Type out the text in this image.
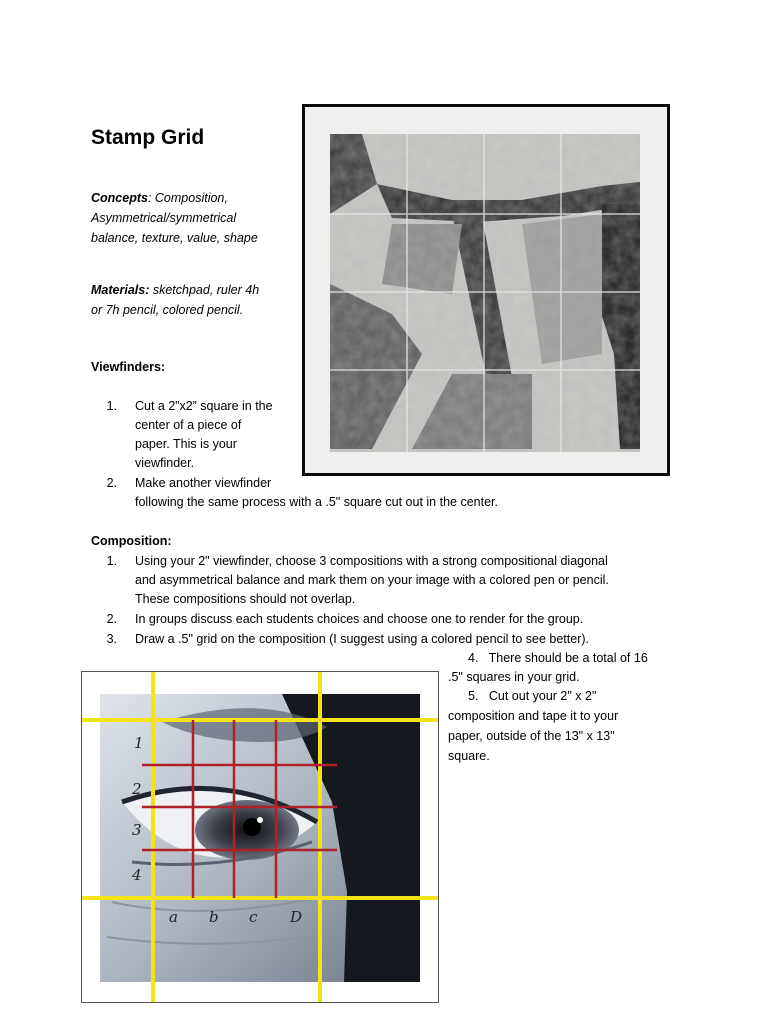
Stamp Grid
Concepts: Composition,
Asymmetrical/symmetrical
balance, texture, value, shape
Materials: sketchpad, ruler 4h
or 7h pencil, colored pencil.
Viewfinders:
1. Cut a 2”x2” square in the
center of a piece of
paper. This is your
viewfinder.
2. Make another viewfinder
following the same process with a .5" square cut out in the center.
Composition:
1. Using your 2" viewfinder, choose 3 compositions with a strong compositional diagonal
and asymmetrical balance and mark them on your image with a colored pen or pencil.
These compositions should not overlap.
2. In groups discuss each students choices and choose one to render for the group.
3. Draw a .5" grid on the composition (I suggest using a colored pencil to see better).
4. There should be a total of 16
.5" squares in your grid.
5. Cut out your 2" x 2"
composition and tape it to your
paper, outside of the 13" x 13"
square.
1
2
3
4
a b c D
